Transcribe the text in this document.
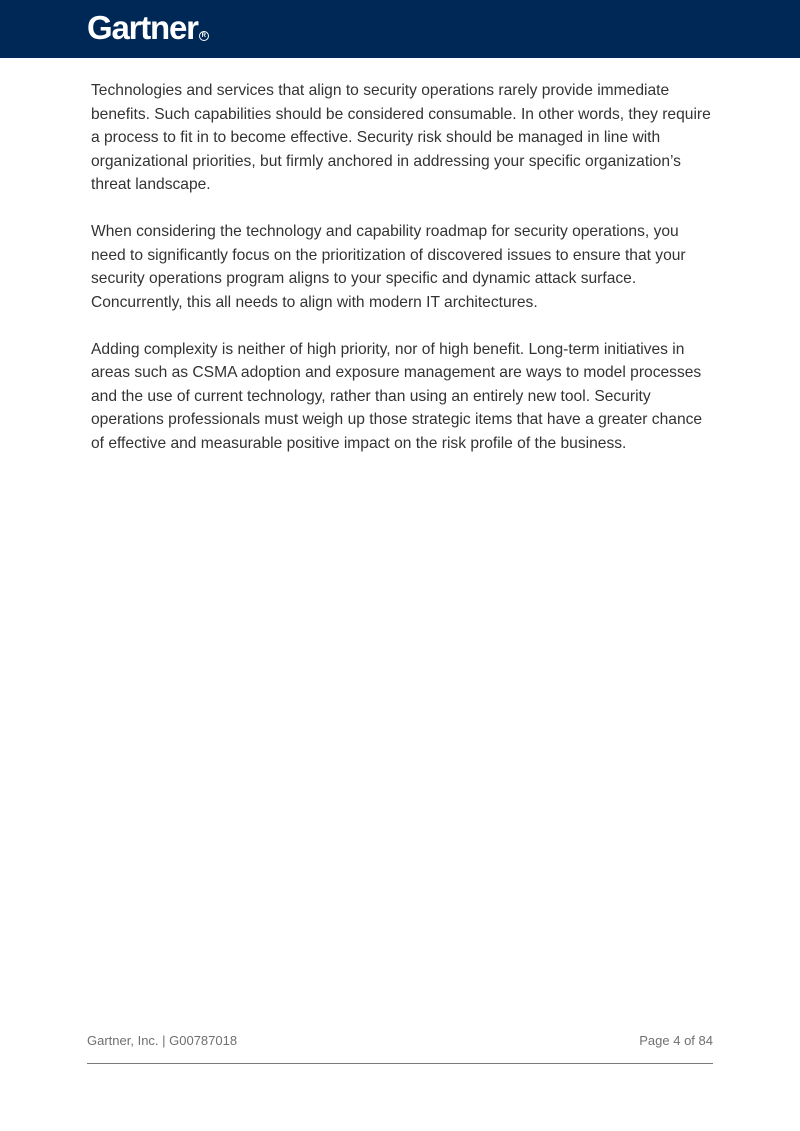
Gartner R

Technologies and services that align to security operations rarely provide immediate benefits. Such capabilities should be considered consumable. In other words, they require a process to fit in to become effective. Security risk should be managed in line with organizational priorities, but firmly anchored in addressing your specific organization’s threat landscape.

When considering the technology and capability roadmap for security operations, you need to significantly focus on the prioritization of discovered issues to ensure that your security operations program aligns to your specific and dynamic attack surface. Concurrently, this all needs to align with modern IT architectures.

Adding complexity is neither of high priority, nor of high benefit. Long-term initiatives in areas such as CSMA adoption and exposure management are ways to model processes and the use of current technology, rather than using an entirely new tool. Security operations professionals must weigh up those strategic items that have a greater chance of effective and measurable positive impact on the risk profile of the business.

Gartner, Inc. | G00787018	Page 4 of 84
